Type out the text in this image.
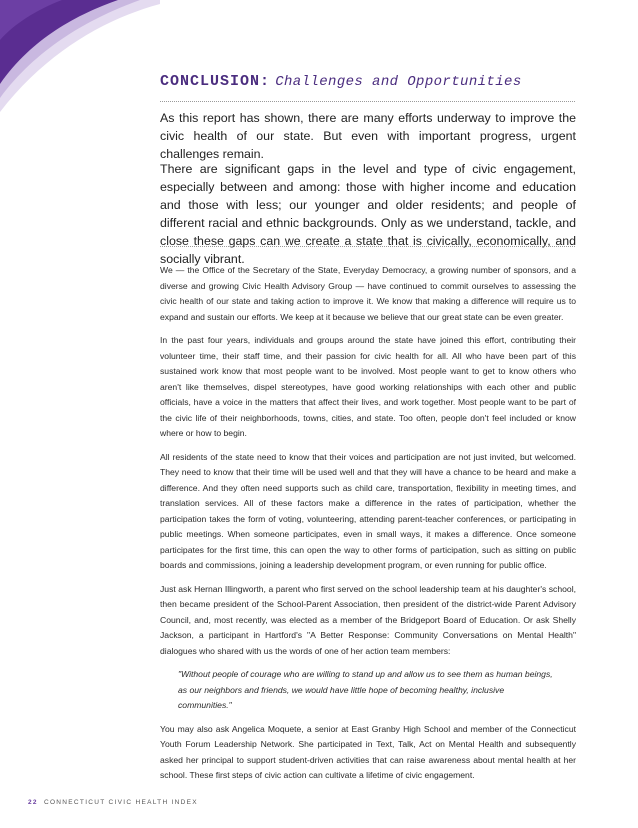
CONCLUSION: Challenges and Opportunities

As this report has shown, there are many efforts underway to improve the civic health of our state. But even with important progress, urgent challenges remain.

There are significant gaps in the level and type of civic engagement, especially between and among: those with higher income and education and those with less; our younger and older residents; and people of different racial and ethnic backgrounds. Only as we understand, tackle, and close these gaps can we create a state that is civically, economically, and socially vibrant.

We — the Office of the Secretary of the State, Everyday Democracy, a growing number of sponsors, and a diverse and growing Civic Health Advisory Group — have continued to commit ourselves to assessing the civic health of our state and taking action to improve it. We know that making a difference will require us to expand and sustain our efforts. We keep at it because we believe that our great state can be even greater.

In the past four years, individuals and groups around the state have joined this effort, contributing their volunteer time, their staff time, and their passion for civic health for all. All who have been part of this sustained work know that most people want to be involved. Most people want to get to know others who aren't like themselves, dispel stereotypes, have good working relationships with each other and public officials, have a voice in the matters that affect their lives, and work together. Most people want to be part of the civic life of their neighborhoods, towns, cities, and state. Too often, people don't feel included or know where or how to begin.

All residents of the state need to know that their voices and participation are not just invited, but welcomed. They need to know that their time will be used well and that they will have a chance to be heard and make a difference. And they often need supports such as child care, transportation, flexibility in meeting times, and translation services. All of these factors make a difference in the rates of participation, whether the participation takes the form of voting, volunteering, attending parent-teacher conferences, or participating in public meetings. When someone participates, even in small ways, it makes a difference. Once someone participates for the first time, this can open the way to other forms of participation, such as sitting on public boards and commissions, joining a leadership development program, or even running for public office.

Just ask Hernan Illingworth, a parent who first served on the school leadership team at his daughter's school, then became president of the School-Parent Association, then president of the district-wide Parent Advisory Council, and, most recently, was elected as a member of the Bridgeport Board of Education. Or ask Shelly Jackson, a participant in Hartford's "A Better Response: Community Conversations on Mental Health" dialogues who shared with us the words of one of her action team members:

"Without people of courage who are willing to stand up and allow us to see them as human beings, as our neighbors and friends, we would have little hope of becoming healthy, inclusive communities."

You may also ask Angelica Moquete, a senior at East Granby High School and member of the Connecticut Youth Forum Leadership Network. She participated in Text, Talk, Act on Mental Health and subsequently asked her principal to support student-driven activities that can raise awareness about mental health at her school. These first steps of civic action can cultivate a lifetime of civic engagement.

22 CONNECTICUT CIVIC HEALTH INDEX
